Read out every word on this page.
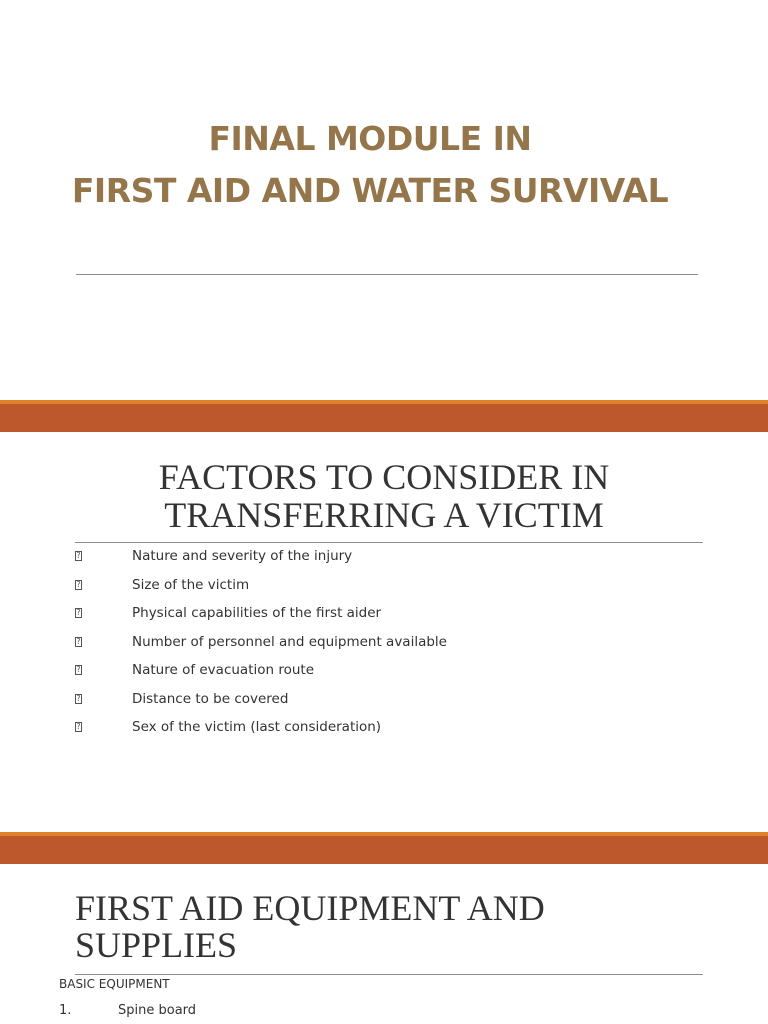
FINAL MODULE IN
FIRST AID AND WATER SURVIVAL
FACTORS TO CONSIDER IN
TRANSFERRING A VICTIM
?	Nature and severity of the injury
?	Size of the victim
?	Physical capabilities of the first aider
?	Number of personnel and equipment available
?	Nature of evacuation route
?	Distance to be covered
?	Sex of the victim (last consideration)
FIRST AID EQUIPMENT AND
SUPPLIES
BASIC EQUIPMENT
1.	Spine board
